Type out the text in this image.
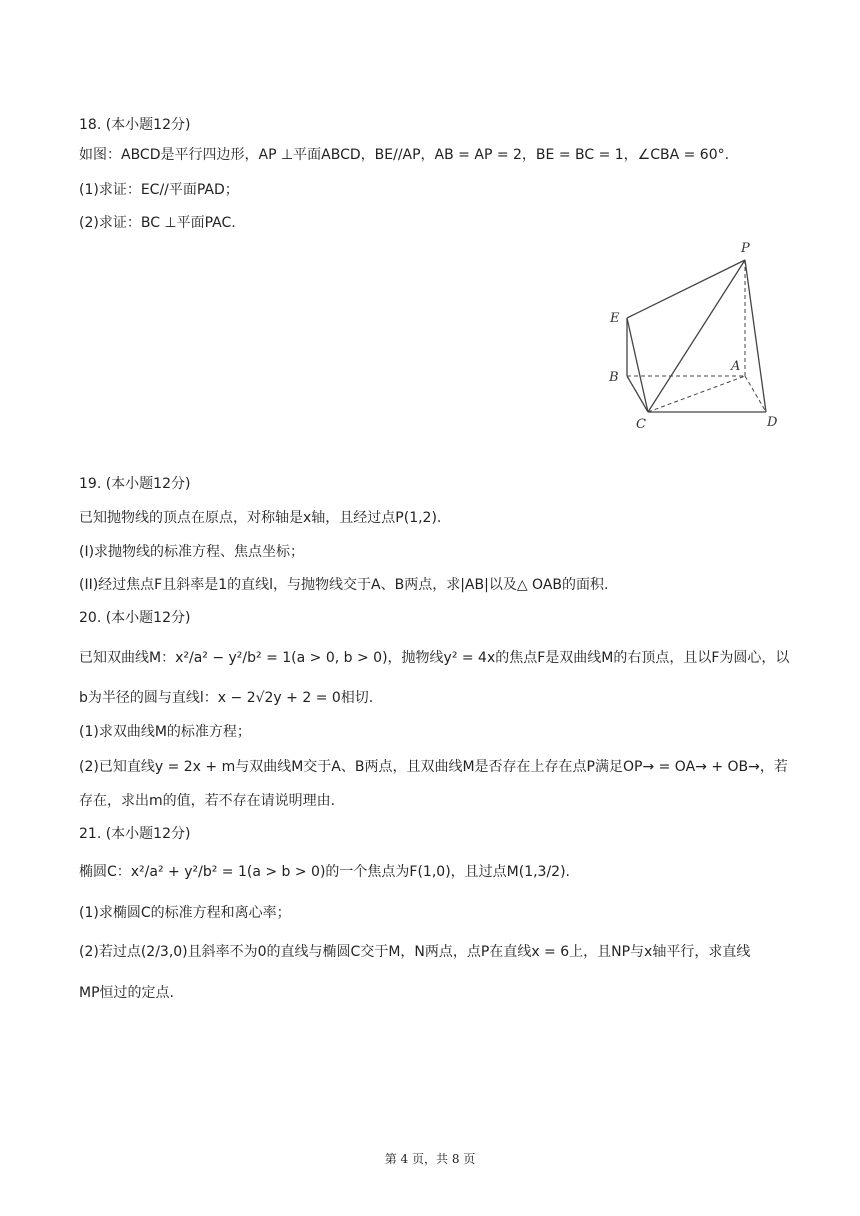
18. (本小题12分)
如图：ABCD是平行四边形，AP ⊥平面ABCD，BE//AP，AB = AP = 2，BE = BC = 1，∠CBA = 60°.
(1)求证：EC//平面PAD；
(2)求证：BC ⊥平面PAC.
P
E
A
B
C	D
19. (本小题12分)
已知抛物线的顶点在原点，对称轴是x轴，且经过点P(1,2).
(I)求抛物线的标准方程、焦点坐标；
(II)经过焦点F且斜率是1的直线l，与抛物线交于A、B两点，求|AB|以及△ OAB的面积.
20. (本小题12分)
已知双曲线M：x²/a² − y²/b² = 1(a > 0, b > 0)，抛物线y² = 4x的焦点F是双曲线M的右顶点，且以F为圆心，以
b为半径的圆与直线l：x − 2√2y + 2 = 0相切.
(1)求双曲线M的标准方程；
(2)已知直线y = 2x + m与双曲线M交于A、B两点，且双曲线M是否存在上存在点P满足OP→ = OA→ + OB→，若
存在，求出m的值，若不存在请说明理由.
21. (本小题12分)
椭圆C：x²/a² + y²/b² = 1(a > b > 0)的一个焦点为F(1,0)，且过点M(1,3/2).
(1)求椭圆C的标准方程和离心率；
(2)若过点(2/3,0)且斜率不为0的直线与椭圆C交于M，N两点，点P在直线x = 6上，且NP与x轴平行，求直线
MP恒过的定点.
第 4 页，共 8 页
